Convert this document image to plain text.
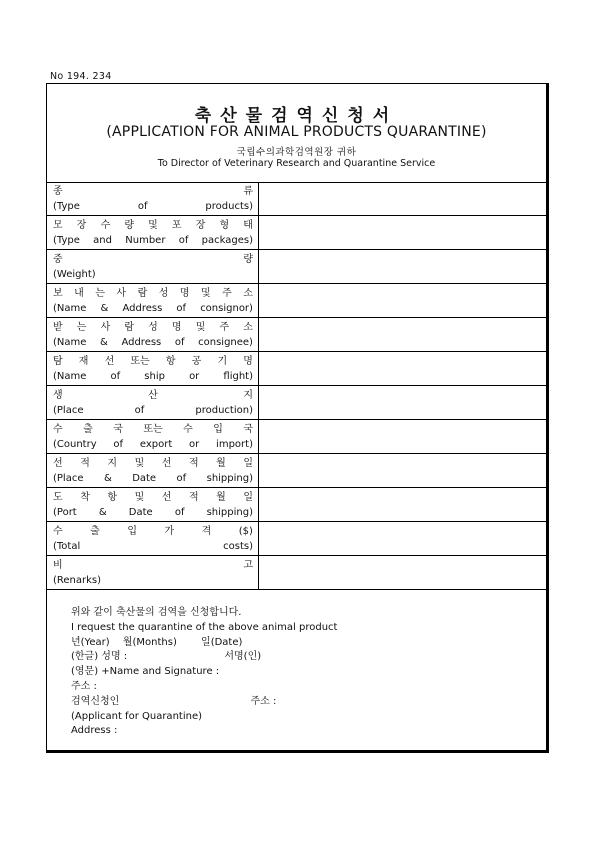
No 194. 234
축산물검역신청서
(APPLICATION FOR ANIMAL PRODUCTS QUARANTINE)
국립수의과학검역원장 귀하
To Director of Veterinary Research and Quarantine Service
종	류
(Type	of	products)
모 장 수 량 및 포 장 형 태
(Type and Number of packages)
중	량
(Weight)
보 내 는 사 람 성 명 및 주 소
(Name & Address of consignor)
받 는 사 람 성 명 및 주 소
(Name & Address of consignee)
탐 재 선 또는 항 공 기 명
(Name of ship or flight)
생	산	지
(Place	of	production)
수 출 국 또는 수 입 국
(Country of export or import)
선 적 지 및 선 적 월 일
(Place & Date of shipping)
도 착 항 및 선 적 월 일
(Port & Date of shipping)
수	출	입	가	격	($)
(Total	costs)
비	고
(Renarks)
위와 같이 축산물의 검역을 신청합니다.
I request the quarantine of the above animal product
년(Year) 월(Months) 일(Date)
(한글) 성명 :	서명(인)
(영문) +Name and Signature :
주소 :
검역신청인	주소 :
(Applicant for Quarantine)
Address :
